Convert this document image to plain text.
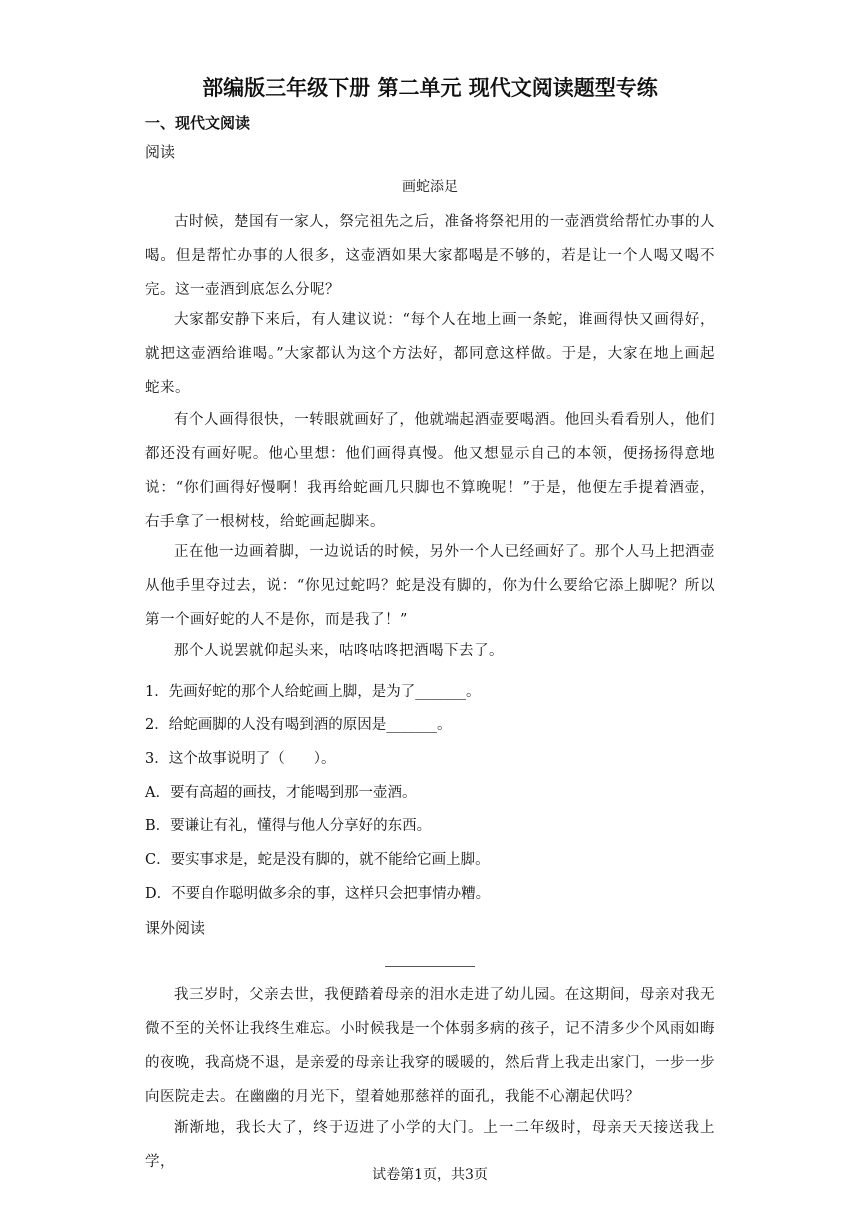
部编版三年级下册 第二单元 现代文阅读题型专练
一、现代文阅读
阅读
画蛇添足

古时候，楚国有一家人，祭完祖先之后，准备将祭祀用的一壶酒赏给帮忙办事的人喝。但是帮忙办事的人很多，这壶酒如果大家都喝是不够的，若是让一个人喝又喝不完。这一壶酒到底怎么分呢？

大家都安静下来后，有人建议说：“每个人在地上画一条蛇，谁画得快又画得好，就把这壶酒给谁喝。”大家都认为这个方法好，都同意这样做。于是，大家在地上画起蛇来。

有个人画得很快，一转眼就画好了，他就端起酒壶要喝酒。他回头看看别人，他们都还没有画好呢。他心里想：他们画得真慢。他又想显示自己的本领，便扬扬得意地说：“你们画得好慢啊！我再给蛇画几只脚也不算晚呢！”于是，他便左手提着酒壶，右手拿了一根树枝，给蛇画起脚来。

正在他一边画着脚，一边说话的时候，另外一个人已经画好了。那个人马上把酒壶从他手里夺过去，说：“你见过蛇吗？蛇是没有脚的，你为什么要给它添上脚呢？所以第一个画好蛇的人不是你，而是我了！”

那个人说罢就仰起头来，咕咚咕咚把酒喝下去了。

1．先画好蛇的那个人给蛇画上脚，是为了_______。
2．给蛇画脚的人没有喝到酒的原因是_______。
3．这个故事说明了（　　）。
A．要有高超的画技，才能喝到那一壶酒。
B．要谦让有礼，懂得与他人分享好的东西。
C．要实事求是，蛇是没有脚的，就不能给它画上脚。
D．不要自作聪明做多余的事，这样只会把事情办糟。
课外阅读

我三岁时，父亲去世，我便踏着母亲的泪水走进了幼儿园。在这期间，母亲对我无微不至的关怀让我终生难忘。小时候我是一个体弱多病的孩子，记不清多少个风雨如晦的夜晚，我高烧不退，是亲爱的母亲让我穿的暖暖的，然后背上我走出家门，一步一步向医院走去。在幽幽的月光下，望着她那慈祥的面孔，我能不心潮起伏吗？

渐渐地，我长大了，终于迈进了小学的大门。上一二年级时，母亲天天接送我上学，

试卷第1页，共3页
